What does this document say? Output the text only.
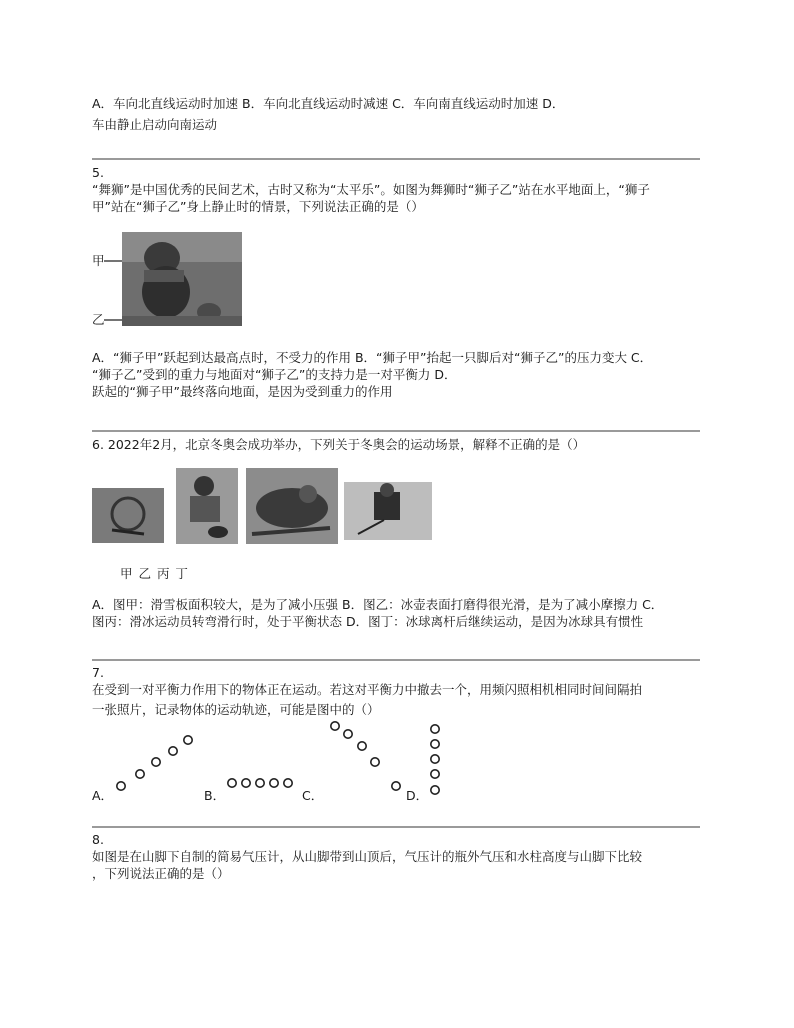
A．车向北直线运动时加速 B．车向北直线运动时减速 C．车向南直线运动时加速 D．
车由静止启动向南运动
5.
“舞狮”是中国优秀的民间艺术，古时又称为“太平乐”。如图为舞狮时“狮子乙”站在水平地面上，“狮子
甲”站在“狮子乙”身上静止时的情景，下列说法正确的是（）
甲
乙
A．“狮子甲”跃起到达最高点时，不受力的作用 B．“狮子甲”抬起一只脚后对“狮子乙”的压力变大 C．
“狮子乙”受到的重力与地面对“狮子乙”的支持力是一对平衡力 D．
跃起的“狮子甲”最终落向地面，是因为受到重力的作用
6. 2022年2月，北京冬奥会成功举办，下列关于冬奥会的运动场景，解释不正确的是（）
甲 乙 丙 丁
A．图甲：滑雪板面积较大，是为了减小压强 B．图乙：冰壶表面打磨得很光滑，是为了减小摩擦力 C．
图丙：滑冰运动员转弯滑行时，处于平衡状态 D．图丁：冰球离杆后继续运动，是因为冰球具有惯性
7.
在受到一对平衡力作用下的物体正在运动。若这对平衡力中撤去一个，用频闪照相机相同时间间隔拍
一张照片，记录物体的运动轨迹，可能是图中的（）
A．	B．	C．	D．
8.
如图是在山脚下自制的简易气压计，从山脚带到山顶后，气压计的瓶外气压和水柱高度与山脚下比较
，下列说法正确的是（）
